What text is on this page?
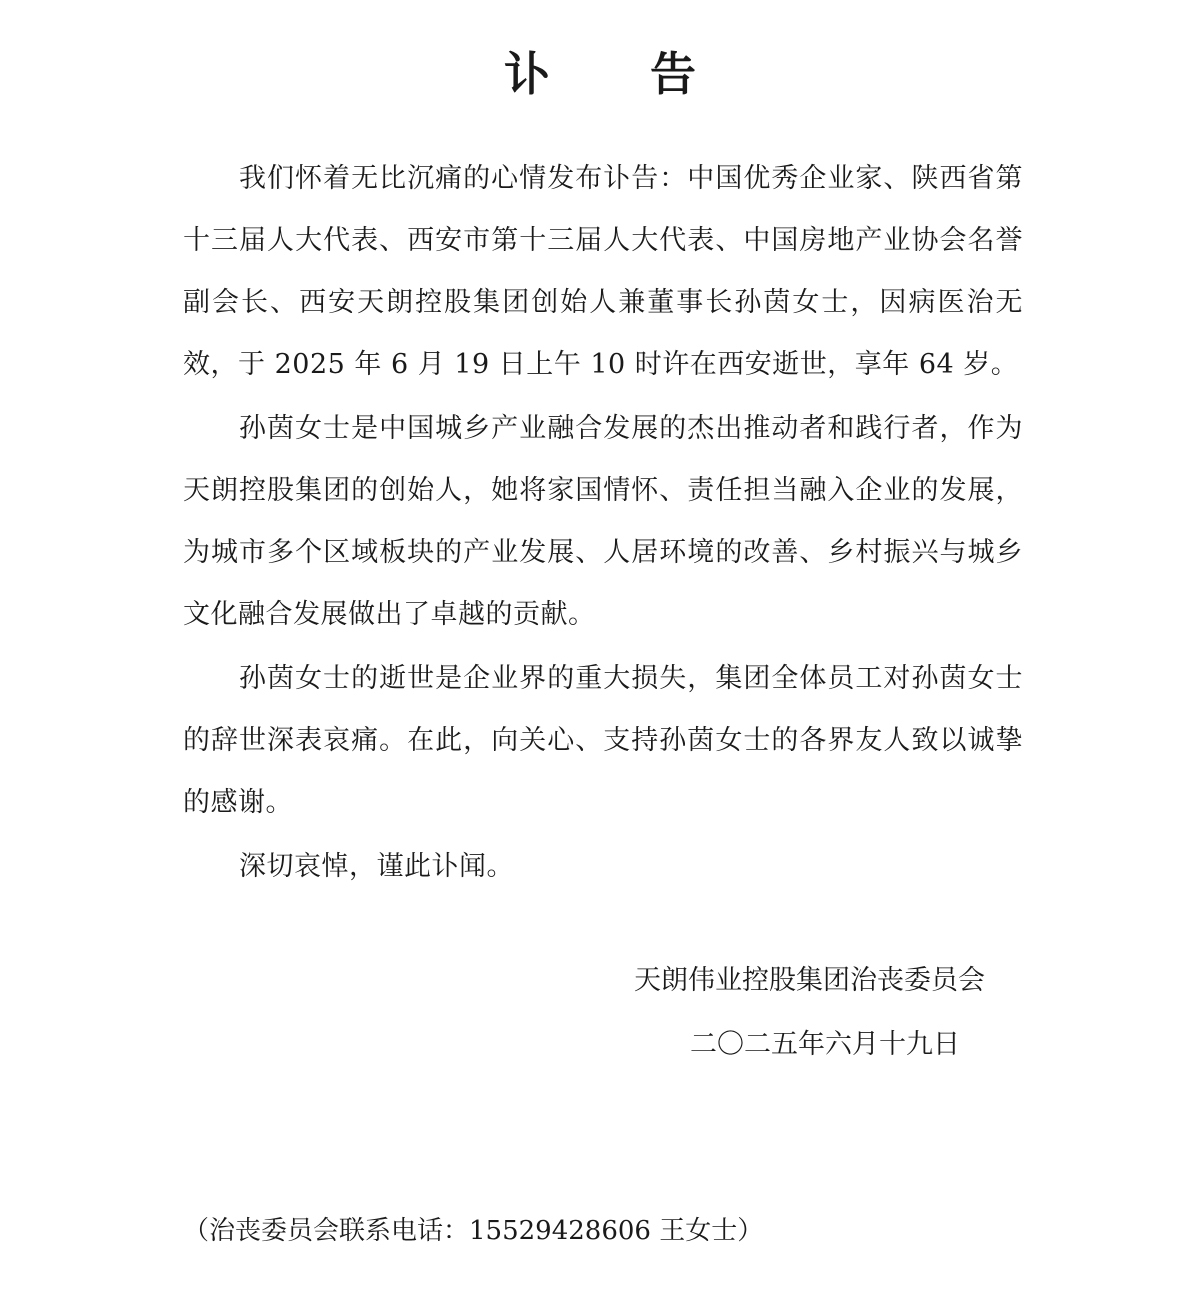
讣 告

我们怀着无比沉痛的心情发布讣告：中国优秀企业家、陕西省第十三届人大代表、西安市第十三届人大代表、中国房地产业协会名誉副会长、西安天朗控股集团创始人兼董事长孙茵女士，因病医治无效，于 2025 年 6 月 19 日上午 10 时许在西安逝世，享年 64 岁。

孙茵女士是中国城乡产业融合发展的杰出推动者和践行者，作为天朗控股集团的创始人，她将家国情怀、责任担当融入企业的发展，为城市多个区域板块的产业发展、人居环境的改善、乡村振兴与城乡文化融合发展做出了卓越的贡献。

孙茵女士的逝世是企业界的重大损失，集团全体员工对孙茵女士的辞世深表哀痛。在此，向关心、支持孙茵女士的各界友人致以诚挚的感谢。

深切哀悼，谨此讣闻。

天朗伟业控股集团治丧委员会

二〇二五年六月十九日

（治丧委员会联系电话：15529428606 王女士）
